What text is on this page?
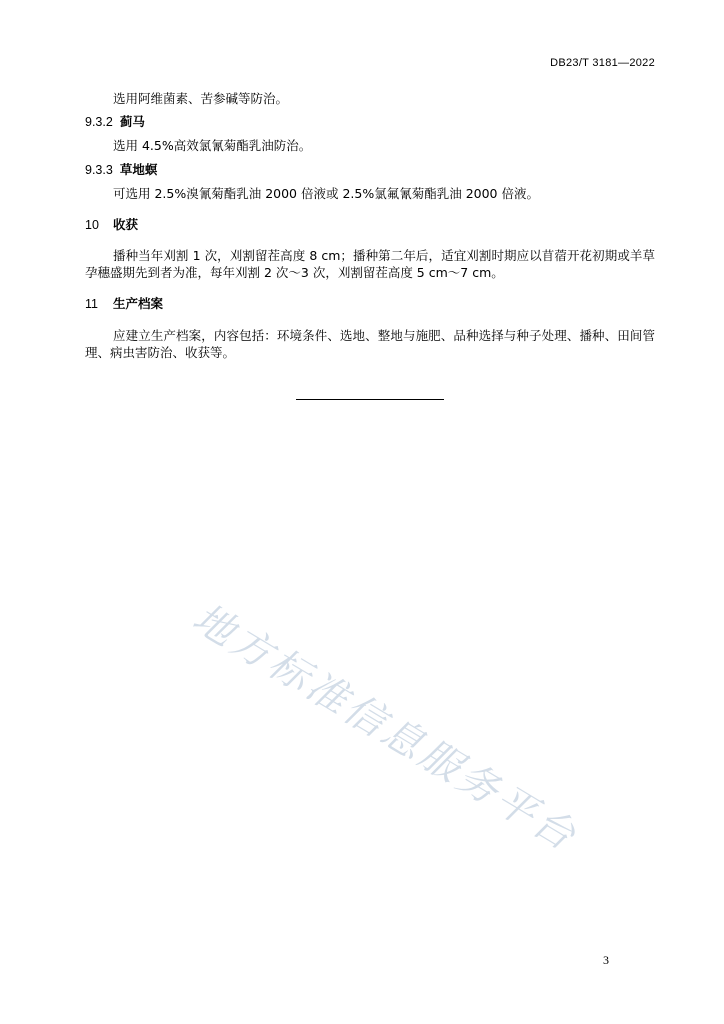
DB23/T 3181—2022
选用阿维菌素、苦参碱等防治。
9.3.2 蓟马
选用 4.5%高效氯氰菊酯乳油防治。
9.3.3 草地螟
可选用 2.5%溴氰菊酯乳油 2000 倍液或 2.5%氯氟氰菊酯乳油 2000 倍液。
10 收获
播种当年刈割 1 次，刈割留茬高度 8 cm；播种第二年后，适宜刈割时期应以苜蓿开花初期或羊草孕穗盛期先到者为准，每年刈割 2 次～3 次，刈割留茬高度 5 cm～7 cm。
11 生产档案
应建立生产档案，内容包括：环境条件、选地、整地与施肥、品种选择与种子处理、播种、田间管理、病虫害防治、收获等。
地方标准信息服务平台
3
